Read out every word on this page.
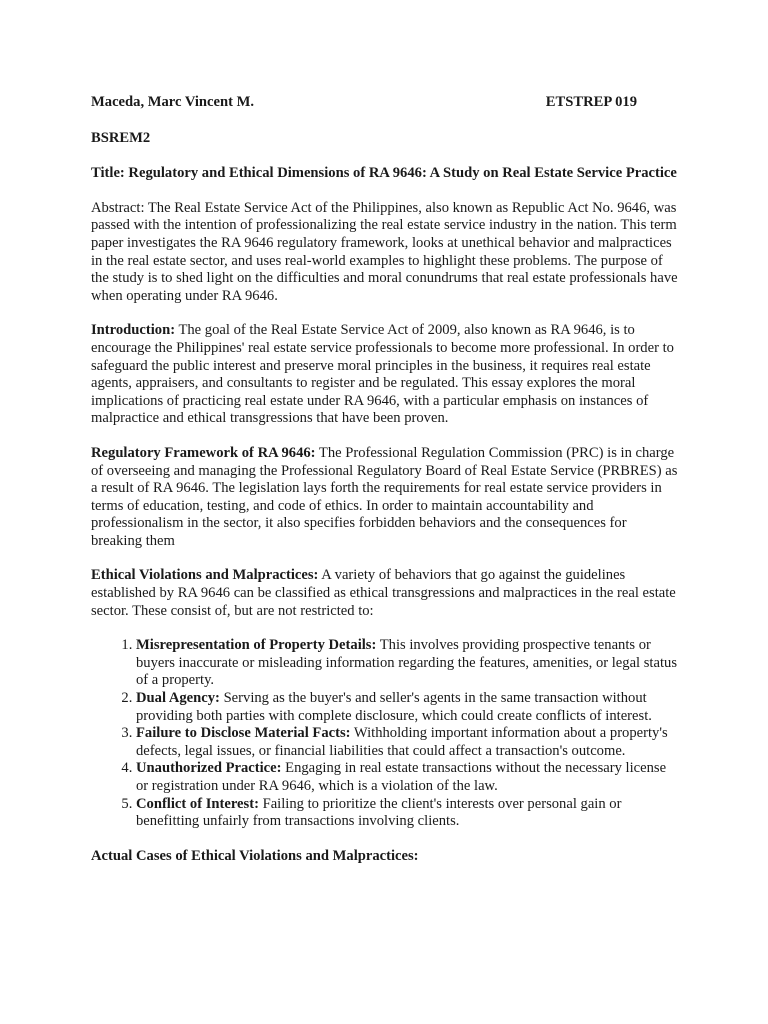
Maceda, Marc Vincent M.	ETSTREP 019

BSREM2

Title: Regulatory and Ethical Dimensions of RA 9646: A Study on Real Estate Service Practice

Abstract: The Real Estate Service Act of the Philippines, also known as Republic Act No. 9646, was passed with the intention of professionalizing the real estate service industry in the nation. This term paper investigates the RA 9646 regulatory framework, looks at unethical behavior and malpractices in the real estate sector, and uses real-world examples to highlight these problems. The purpose of the study is to shed light on the difficulties and moral conundrums that real estate professionals have when operating under RA 9646.

Introduction: The goal of the Real Estate Service Act of 2009, also known as RA 9646, is to encourage the Philippines' real estate service professionals to become more professional. In order to safeguard the public interest and preserve moral principles in the business, it requires real estate agents, appraisers, and consultants to register and be regulated. This essay explores the moral implications of practicing real estate under RA 9646, with a particular emphasis on instances of malpractice and ethical transgressions that have been proven.

Regulatory Framework of RA 9646: The Professional Regulation Commission (PRC) is in charge of overseeing and managing the Professional Regulatory Board of Real Estate Service (PRBRES) as a result of RA 9646. The legislation lays forth the requirements for real estate service providers in terms of education, testing, and code of ethics. In order to maintain accountability and professionalism in the sector, it also specifies forbidden behaviors and the consequences for breaking them

Ethical Violations and Malpractices: A variety of behaviors that go against the guidelines established by RA 9646 can be classified as ethical transgressions and malpractices in the real estate sector. These consist of, but are not restricted to:

1. Misrepresentation of Property Details: This involves providing prospective tenants or buyers inaccurate or misleading information regarding the features, amenities, or legal status of a property.
2. Dual Agency: Serving as the buyer's and seller's agents in the same transaction without providing both parties with complete disclosure, which could create conflicts of interest.
3. Failure to Disclose Material Facts: Withholding important information about a property's defects, legal issues, or financial liabilities that could affect a transaction's outcome.
4. Unauthorized Practice: Engaging in real estate transactions without the necessary license or registration under RA 9646, which is a violation of the law.
5. Conflict of Interest: Failing to prioritize the client's interests over personal gain or benefitting unfairly from transactions involving clients.

Actual Cases of Ethical Violations and Malpractices:
